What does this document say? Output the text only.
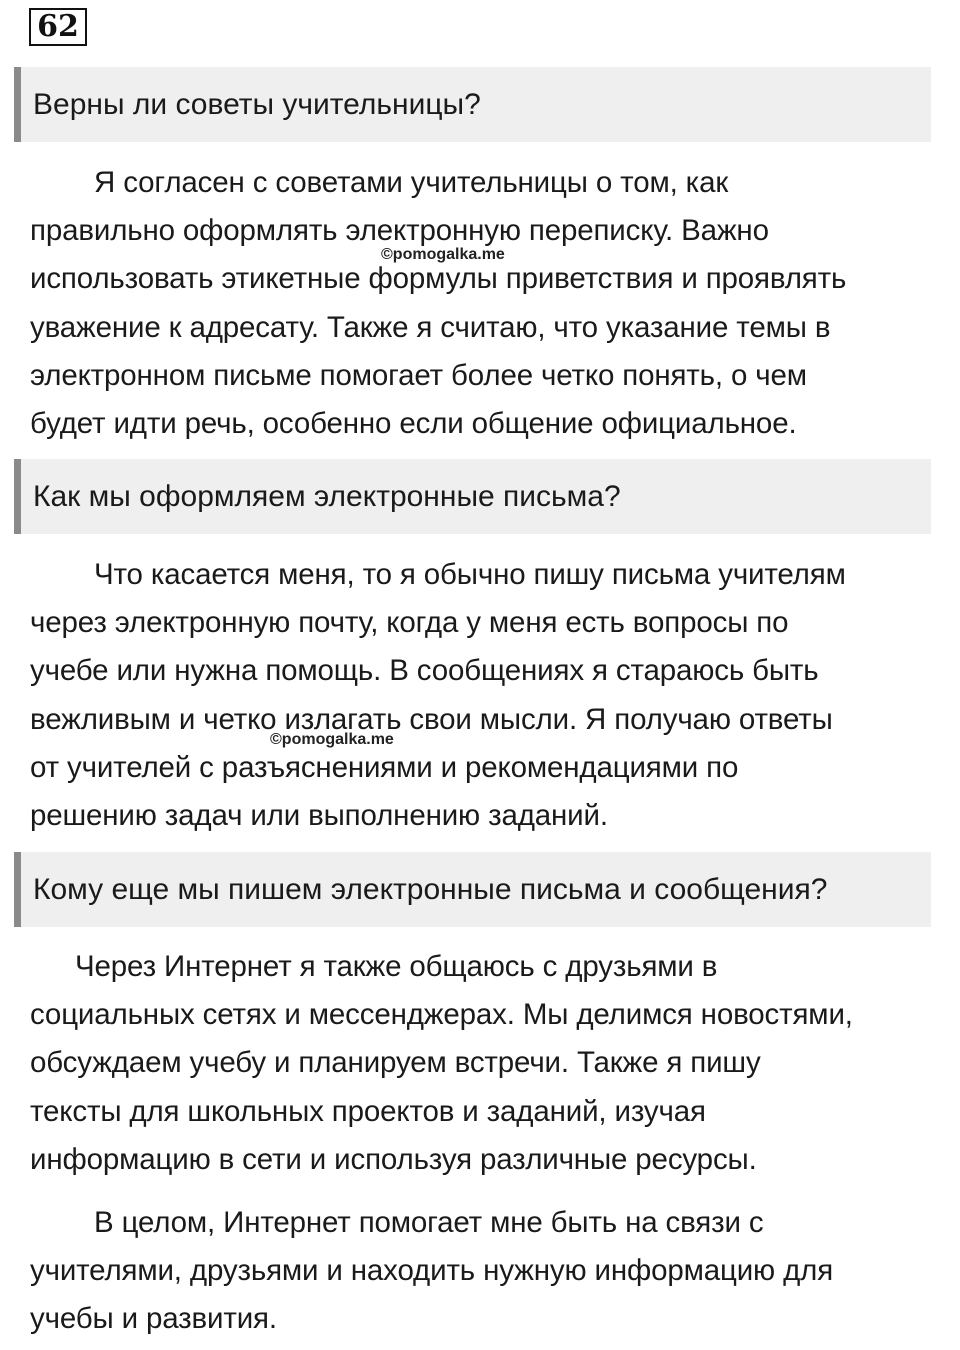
62
Верны ли советы учительницы?

Я согласен с советами учительницы о том, как
правильно оформлять электронную переписку. Важно
использовать этикетные формулы приветствия и проявлять
уважение к адресату. Также я считаю, что указание темы в
электронном письме помогает более четко понять, о чем
будет идти речь, особенно если общение официальное.

©pomogalka.me
Как мы оформляем электронные письма?

Что касается меня, то я обычно пишу письма учителям
через электронную почту, когда у меня есть вопросы по
учебе или нужна помощь. В сообщениях я стараюсь быть
вежливым и четко излагать свои мысли. Я получаю ответы
от учителей с разъяснениями и рекомендациями по
решению задач или выполнению заданий.

©pomogalka.me
Кому еще мы пишем электронные письма и сообщения?

Через Интернет я также общаюсь с друзьями в
социальных сетях и мессенджерах. Мы делимся новостями,
обсуждаем учебу и планируем встречи. Также я пишу
тексты для школьных проектов и заданий, изучая
информацию в сети и используя различные ресурсы.

В целом, Интернет помогает мне быть на связи с
учителями, друзьями и находить нужную информацию для
учебы и развития.
